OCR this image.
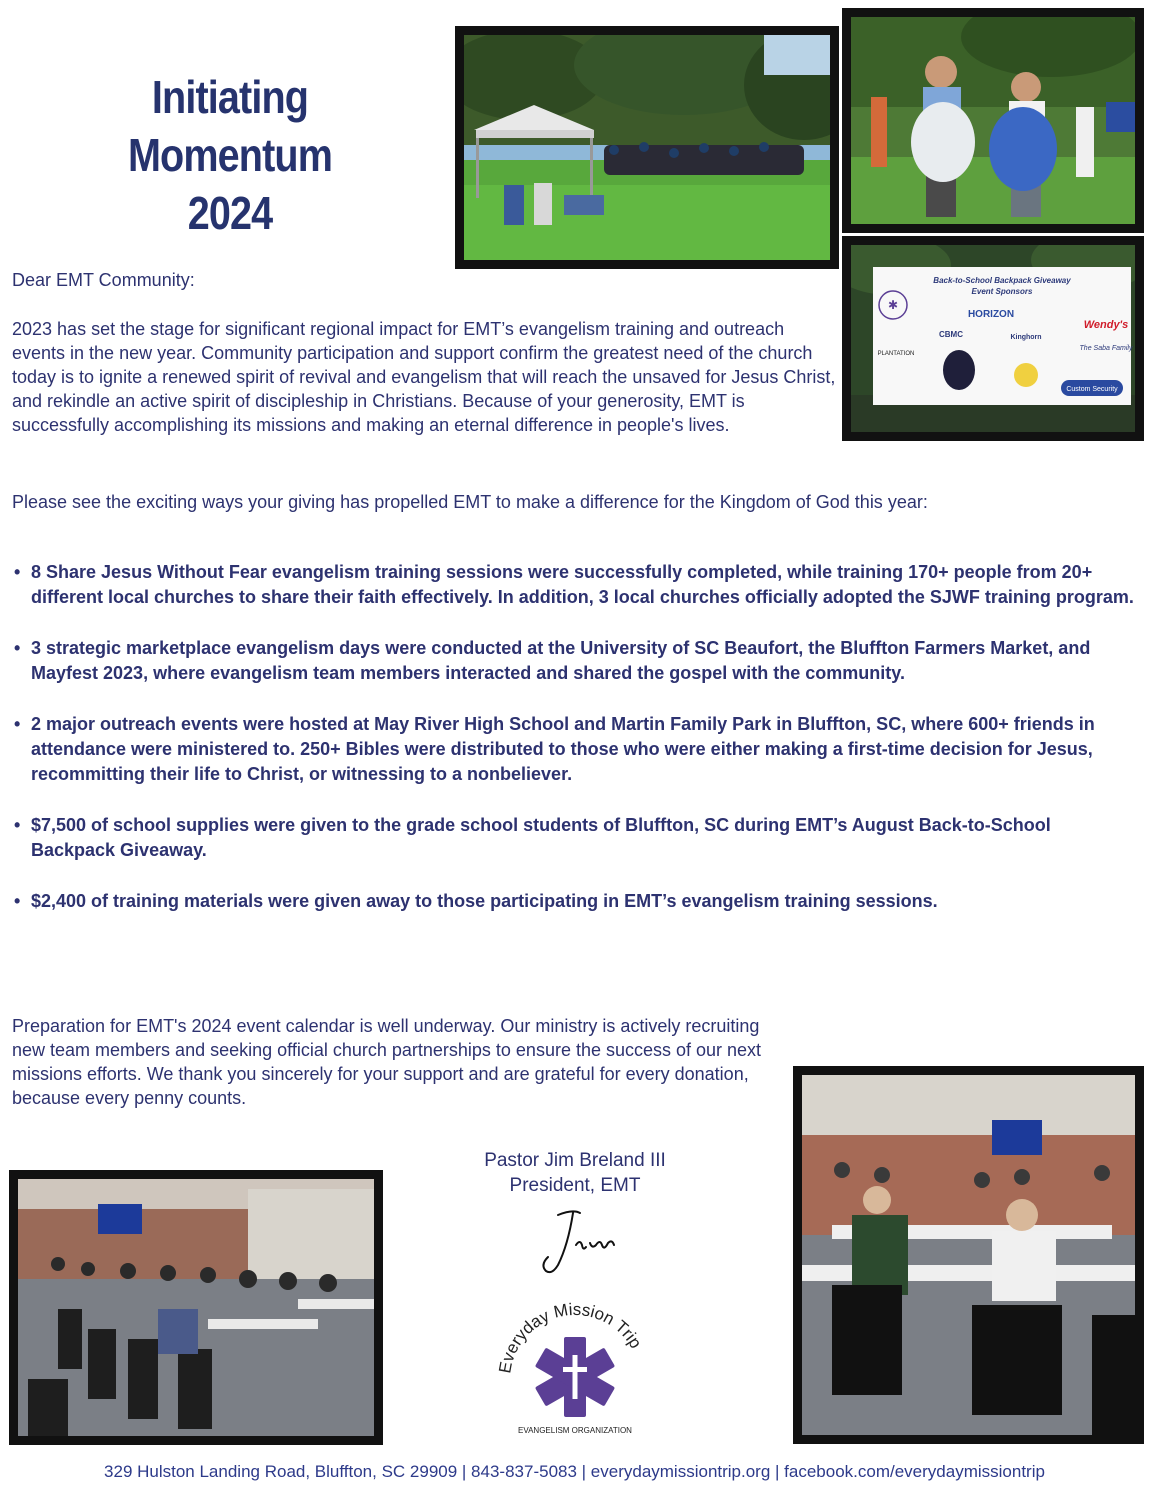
Initiating Momentum
2024
Back-to-School Backpack Giveaway
Event Sponsors
✱
HORIZON
Wendy's
CBMC	Kinghorn
PLANTATION
The Saba Family
Custom Security
Dear EMT Community:
2023 has set the stage for significant regional impact for EMT’s evangelism training and outreach events in the new year. Community participation and support confirm the greatest need of the church today is to ignite a renewed spirit of revival and evangelism that will reach the unsaved for Jesus Christ, and rekindle an active spirit of discipleship in Christians. Because of your generosity, EMT is successfully accomplishing its missions and making an eternal difference in people's lives.
Please see the exciting ways your giving has propelled EMT to make a difference for the Kingdom of God this year:
• 8 Share Jesus Without Fear evangelism training sessions were successfully completed, while training 170+ people from 20+ different local churches to share their faith effectively. In addition, 3 local churches officially adopted the SJWF training program.
• 3 strategic marketplace evangelism days were conducted at the University of SC Beaufort, the Bluffton Farmers Market, and Mayfest 2023, where evangelism team members interacted and shared the gospel with the community.
• 2 major outreach events were hosted at May River High School and Martin Family Park in Bluffton, SC, where 600+ friends in attendance were ministered to. 250+ Bibles were distributed to those who were either making a first-time decision for Jesus, recommitting their life to Christ, or witnessing to a nonbeliever.
• $7,500 of school supplies were given to the grade school students of Bluffton, SC during EMT’s August Back-to-School Backpack Giveaway.
• $2,400 of training materials were given away to those participating in EMT’s evangelism training sessions.
Preparation for EMT's 2024 event calendar is well underway. Our ministry is actively recruiting new team members and seeking official church partnerships to ensure the success of our next missions efforts. We thank you sincerely for your support and are grateful for every donation, because every penny counts.
Pastor Jim Breland III
President, EMT
Everyday Mission Trip
EVANGELISM ORGANIZATION
329 Hulston Landing Road, Bluffton, SC 29909 | 843-837-5083 | everydaymissiontrip.org | facebook.com/everydaymissiontrip
